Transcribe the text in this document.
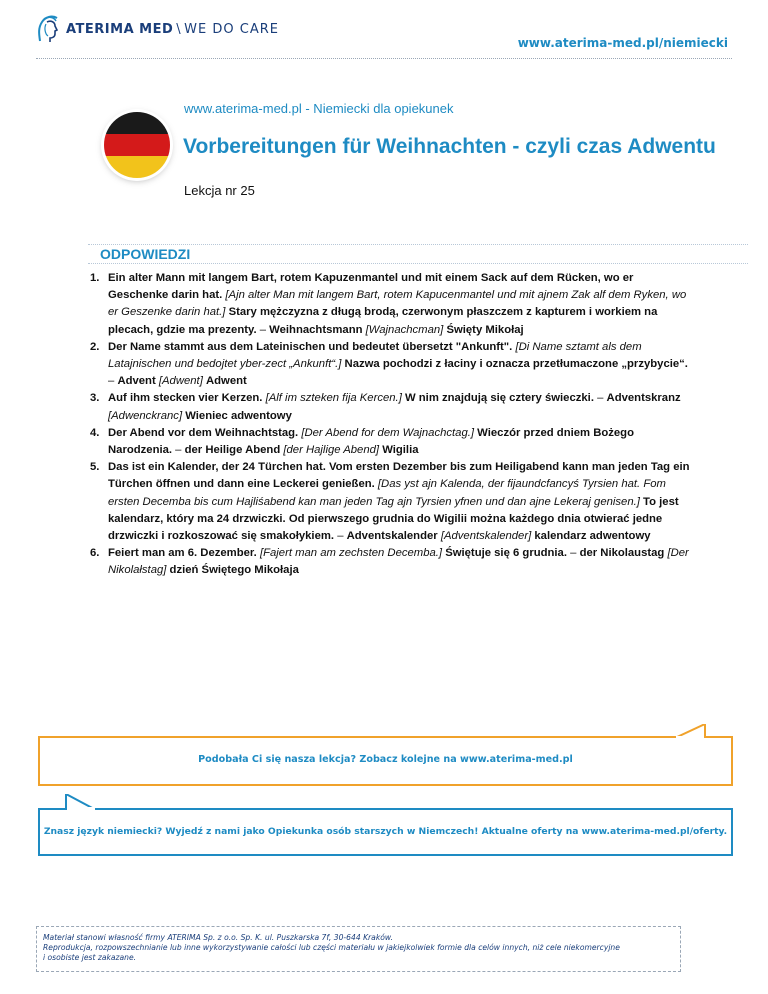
ATERIMA MED \ WE DO CARE
www.aterima-med.pl/niemiecki
www.aterima-med.pl - Niemiecki dla opiekunek
Vorbereitungen für Weihnachten - czyli czas Adwentu
Lekcja nr 25
ODPOWIEDZI
1. Ein alter Mann mit langem Bart, rotem Kapuzenmantel und mit einem Sack auf dem Rücken, wo er Geschenke darin hat. [Ajn alter Man mit langem Bart, rotem Kapucenmantel und mit ajnem Zak alf dem Ryken, wo er Geszenke darin hat.] Stary mężczyzna z długą brodą, czerwonym płaszczem z kapturem i workiem na plecach, gdzie ma prezenty. – Weihnachtsmann [Wajnachcman] Święty Mikołaj
2. Der Name stammt aus dem Lateinischen und bedeutet übersetzt "Ankunft". [Di Name sztamt als dem Latajnischen und bedojtet yber-zect „Ankunft“.] Nazwa pochodzi z łaciny i oznacza przetłumaczone „przybycie“. – Advent [Adwent] Adwent
3. Auf ihm stecken vier Kerzen. [Alf im szteken fija Kercen.] W nim znajdują się cztery świeczki. – Adventskranz [Adwenckranc] Wieniec adwentowy
4. Der Abend vor dem Weihnachtstag. [Der Abend for dem Wajnachctag.] Wieczór przed dniem Bożego Narodzenia. – der Heilige Abend [der Hajlige Abend] Wigilia
5. Das ist ein Kalender, der 24 Türchen hat. Vom ersten Dezember bis zum Heiligabend kann man jeden Tag ein Türchen öffnen und dann eine Leckerei genießen. [Das yst ajn Kalenda, der fijaundcfancyś Tyrsien hat. Fom ersten Decemba bis cum Hajliśabend kan man jeden Tag ajn Tyrsien yfnen und dan ajne Lekeraj genisen.] To jest kalendarz, który ma 24 drzwiczki. Od pierwszego grudnia do Wigilii można każdego dnia otwierać jedne drzwiczki i rozkoszować się smakołykiem. – Adventskalender [Adventskalender] kalendarz adwentowy
6. Feiert man am 6. Dezember. [Fajert man am zechsten Decemba.] Świętuje się 6 grudnia. – der Nikolaustag [Der Nikolałstag] dzień Świętego Mikołaja
Podobała Ci się nasza lekcja? Zobacz kolejne na www.aterima-med.pl
Znasz język niemiecki? Wyjedź z nami jako Opiekunka osób starszych w Niemczech! Aktualne oferty na www.aterima-med.pl/oferty.

Materiał stanowi własność firmy ATERIMA Sp. z o.o. Sp. K. ul. Puszkarska 7f, 30-644 Kraków.

Reprodukcja, rozpowszechnianie lub inne wykorzystywanie całości lub części materiału w jakiejkolwiek formie dla celów innych, niż cele niekomercyjne

i osobiste jest zakazane.
